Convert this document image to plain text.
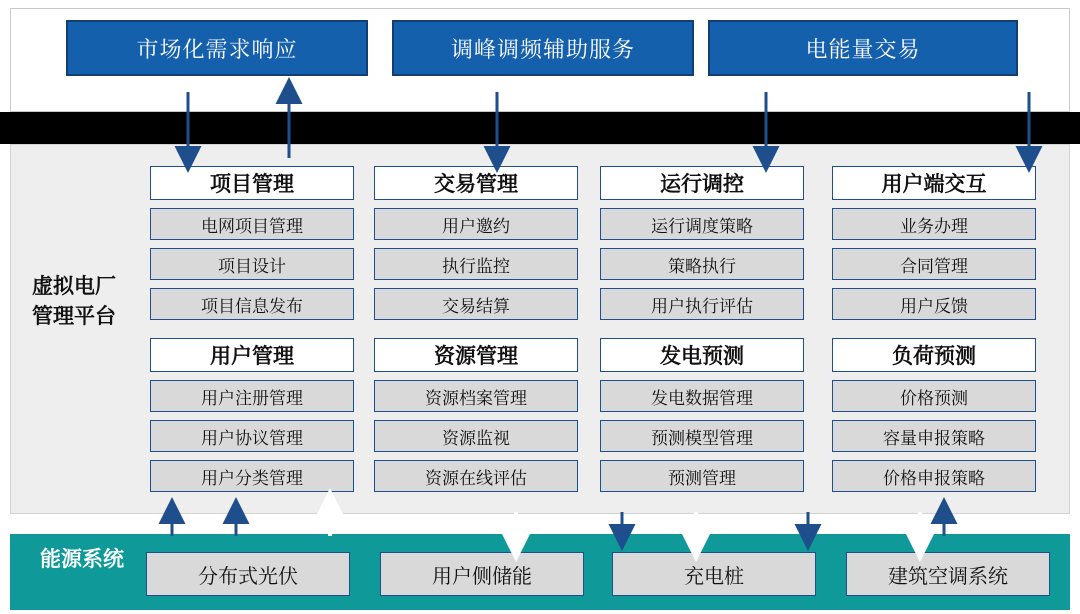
市场化需求响应	调峰调频辅助服务	电能量交易
虚拟电厂管理平台
项目管理
电网项目管理
项目设计
项目信息发布
交易管理
用户邀约
执行监控
交易结算
运行调控
运行调度策略
策略执行
用户执行评估
用户端交互
业务办理
合同管理
用户反馈
用户管理
用户注册管理
用户协议管理
用户分类管理
资源管理
资源档案管理
资源监视
资源在线评估
发电预测
发电数据管理
预测模型管理
预测管理
负荷预测
价格预测
容量申报策略
价格申报策略
能源系统
分布式光伏	用户侧储能	充电桩	建筑空调系统
